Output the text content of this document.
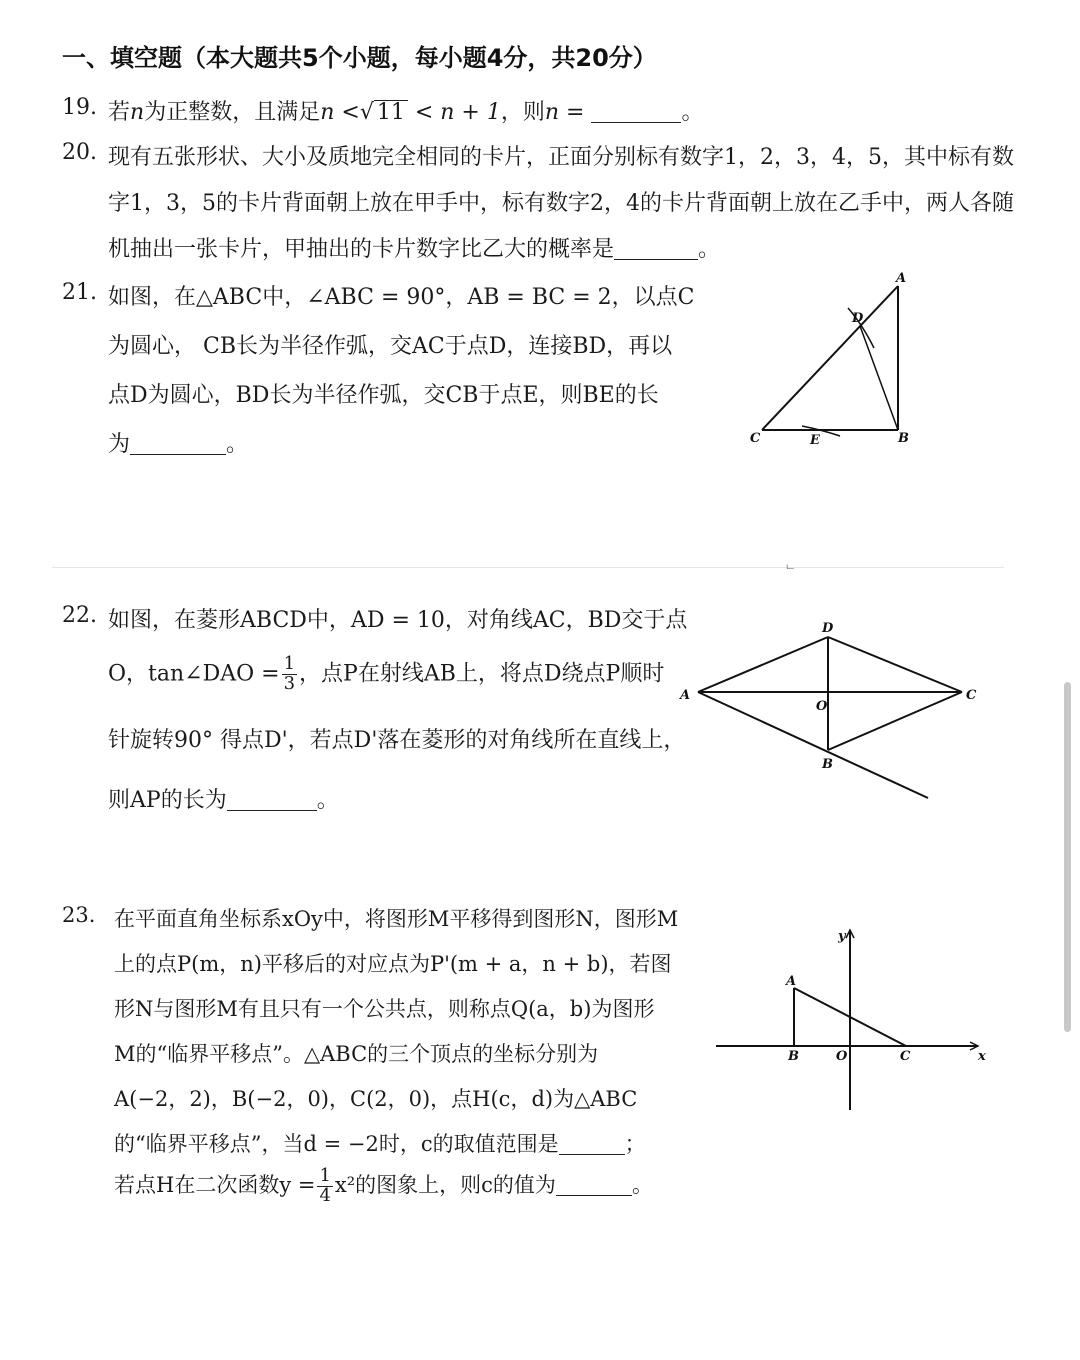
一、填空题（本大题共5个小题，每小题4分，共20分）
19. 若n为正整数，且满足n <√ 11 < n + 1，则n =	。
20. 现有五张形状、大小及质地完全相同的卡片，正面分别标有数字1，2，3，4，5，其中标有数
字1，3，5的卡片背面朝上放在甲手中，标有数字2，4的卡片背面朝上放在乙手中，两人各随
机抽出一张卡片，甲抽出的卡片数字比乙大的概率是	。
21. 如图，在△ABC中，∠ABC = 90°，AB = BC = 2，以点C
为圆心， CB长为半径作弧，交AC于点D，连接BD，再以
点D为圆心，BD长为半径作弧，交CB于点E，则BE的长
为	。
A
B
C
D
E
ட
22. 如图，在菱形ABCD中，AD = 10，对角线AC，BD交于点
O，tan∠DAO = $\frac{1}{3}$ ，点P在射线AB上，将点D绕点P顺时
针旋转90° 得点D'，若点D'落在菱形的对角线所在直线上，
则AP的长为	。
D
A	C
O
B
23. 在平面直角坐标系xOy中，将图形M平移得到图形N，图形M
上的点P(m，n)平移后的对应点为P'(m + a，n + b)，若图
形N与图形M有且只有一个公共点，则称点Q(a，b)为图形
M的“临界平移点”。△ABC的三个顶点的坐标分别为
A(−2，2)，B(−2，0)，C(2，0)，点H(c，d)为△ABC
的“临界平移点”，当d = −2时，c的取值范围是	；
若点H在二次函数$y = \frac{1}{4} x^2$的图象上，则c的值为	。
A
B	O	C	x
y
